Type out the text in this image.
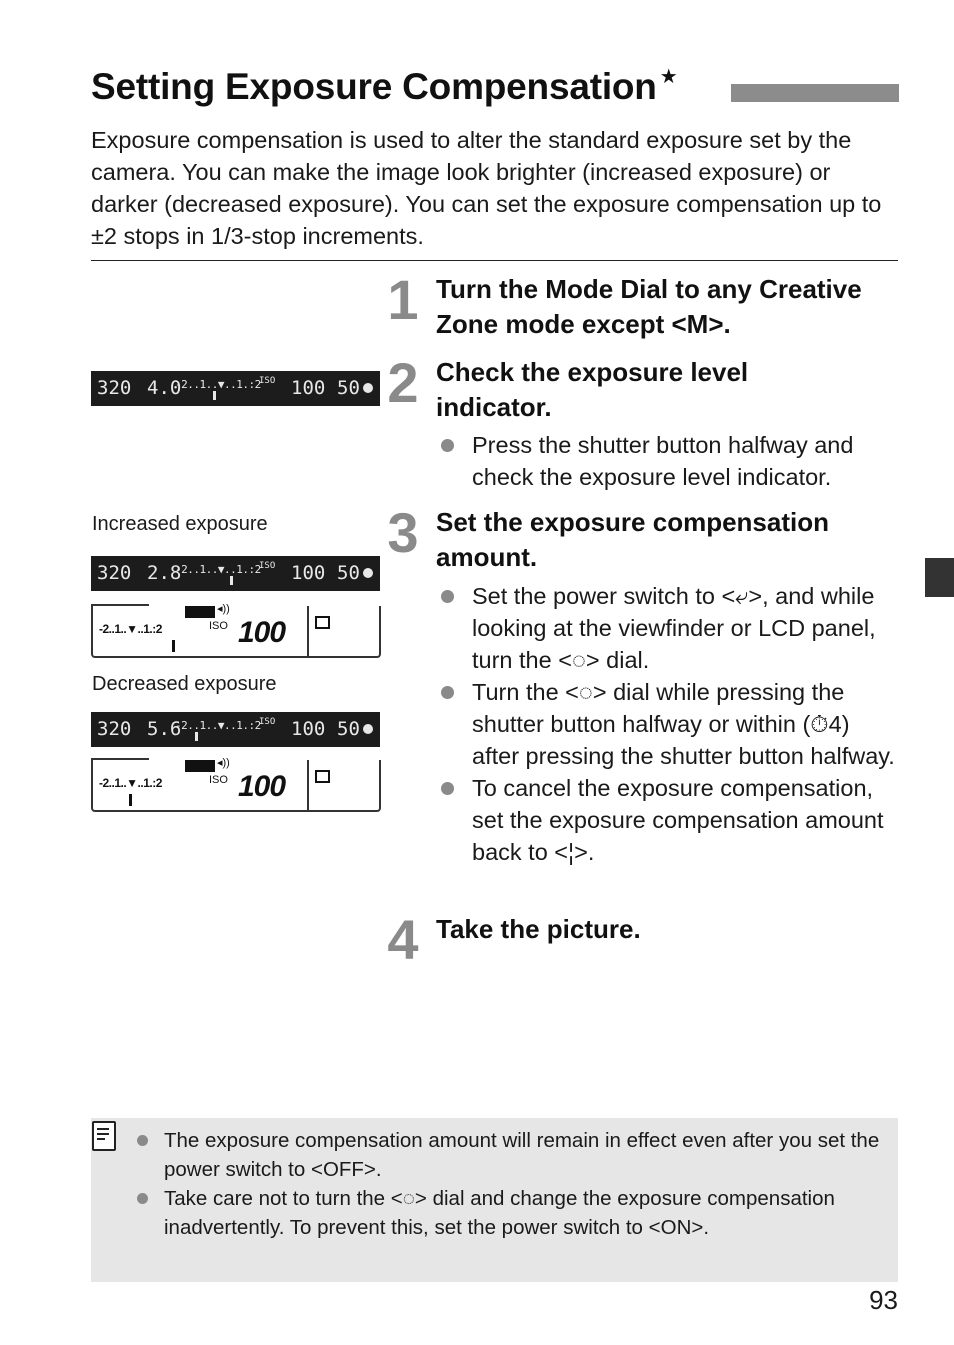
Setting Exposure Compensation ★

Exposure compensation is used to alter the standard exposure set by the camera. You can make the image look brighter (increased exposure) or darker (decreased exposure). You can set the exposure compensation up to ±2 stops in 1/3-stop increments.

1 Turn the Mode Dial to any Creative Zone mode except <M>.
2 Check the exposure level indicator.
Press the shutter button halfway and check the exposure level indicator.
3 Set the exposure compensation amount.
Set the power switch to <⤶>, and while looking at the viewfinder or LCD panel, turn the <◌> dial.
Turn the <◌> dial while pressing the shutter button halfway or within (⏱4) after pressing the shutter button halfway.
To cancel the exposure compensation, set the exposure compensation amount back to <¦>.
4 Take the picture.
320 4.0
-2..1..▼..1.:2
ISO 100 50
Increased exposure
320 2.8
-2..1..▼..1.:2
ISO 100 50
◂))
-2..1..▼..1.:2	ISO 100
Decreased exposure
320 5.6
-2..1..▼..1.:2
ISO 100 50
◂))
-2..1..▼..1.:2	ISO 100
The exposure compensation amount will remain in effect even after you set the power switch to <OFF>.
Take care not to turn the <◌> dial and change the exposure compensation inadvertently. To prevent this, set the power switch to <ON>.
93
